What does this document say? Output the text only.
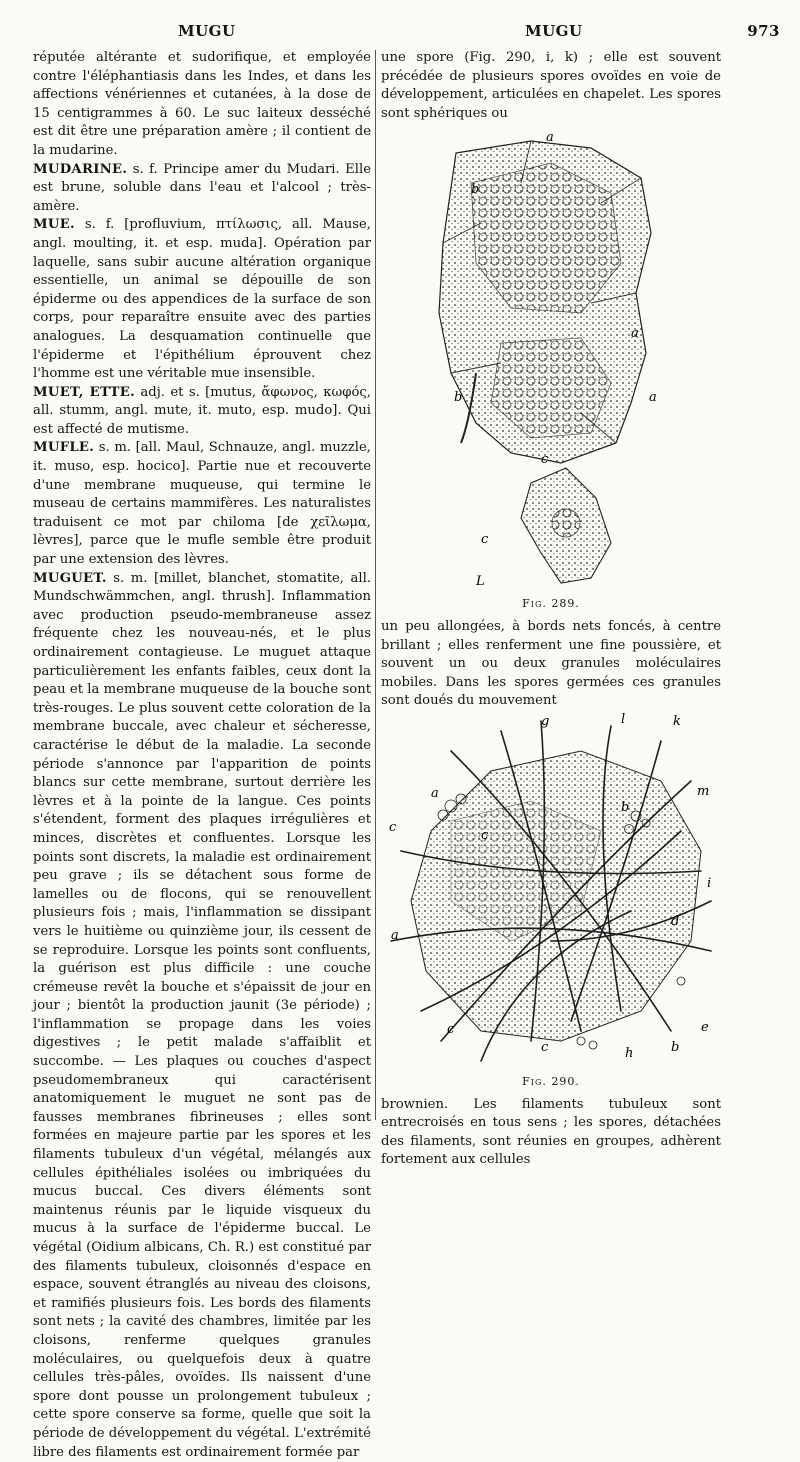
MUGU	MUGU	973

réputée altérante et sudorifique, et employée contre l'éléphantiasis dans les Indes, et dans les affections vénériennes et cutanées, à la dose de 15 centigrammes à 60. Le suc laiteux desséché est dit être une préparation amère ; il contient de la mudarine.

MUDARINE. s. f. Principe amer du Mudari. Elle est brune, soluble dans l'eau et l'alcool ; très-amère.

MUE. s. f. [profluvium, πτίλωσις, all. Mause, angl. moulting, it. et esp. muda]. Opération par laquelle, sans subir aucune altération organique essentielle, un animal se dépouille de son épiderme ou des appendices de la surface de son corps, pour reparaître ensuite avec des parties analogues. La desquamation continuelle que l'épiderme et l'épithélium éprouvent chez l'homme est une véritable mue insensible.

MUET, ETTE. adj. et s. [mutus, ἄφωνος, κωφός, all. stumm, angl. mute, it. muto, esp. mudo]. Qui est affecté de mutisme.

MUFLE. s. m. [all. Maul, Schnauze, angl. muzzle, it. muso, esp. hocico]. Partie nue et recouverte d'une membrane muqueuse, qui termine le museau de certains mammifères. Les naturalistes traduisent ce mot par chiloma [de χεῖλωμα, lèvres], parce que le mufle semble être produit par une extension des lèvres.

MUGUET. s. m. [millet, blanchet, stomatite, all. Mundschwämmchen, angl. thrush]. Inflammation avec production pseudo-membraneuse assez fréquente chez les nouveau-nés, et le plus ordinairement contagieuse. Le muguet attaque particulièrement les enfants faibles, ceux dont la peau et la membrane muqueuse de la bouche sont très-rouges. Le plus souvent cette coloration de la membrane buccale, avec chaleur et sécheresse, caractérise le début de la maladie. La seconde période s'annonce par l'apparition de points blancs sur cette membrane, surtout derrière les lèvres et à la pointe de la langue. Ces points s'étendent, forment des plaques irrégulières et minces, discrètes et confluentes. Lorsque les points sont discrets, la maladie est ordinairement peu grave ; ils se détachent sous forme de lamelles ou de flocons, qui se renouvellent plusieurs fois ; mais, l'inflammation se dissipant vers le huitième ou quinzième jour, ils cessent de se reproduire. Lorsque les points sont confluents, la guérison est plus difficile : une couche crémeuse revêt la bouche et s'épaissit de jour en jour ; bientôt la production jaunit (3e période) ; l'inflammation se propage dans les voies digestives ; le petit malade s'affaiblit et succombe. — Les plaques ou couches d'aspect pseudomembraneux qui caractérisent anatomiquement le muguet ne sont pas de fausses membranes fibrineuses ; elles sont formées en majeure partie par les spores et les filaments tubuleux d'un végétal, mélangés aux cellules épithéliales isolées ou imbriquées du mucus buccal. Ces divers éléments sont maintenus réunis par le liquide visqueux du mucus à la surface de l'épiderme buccal. Le végétal (Oidium albicans, Ch. R.) est constitué par des filaments tubuleux, cloisonnés d'espace en espace, souvent étranglés au niveau des cloisons, et ramifiés plusieurs fois. Les bords des filaments sont nets ; la cavité des chambres, limitée par les cloisons, renferme quelques granules moléculaires, ou quelquefois deux à quatre cellules très-pâles, ovoïdes. Ils naissent d'une spore dont pousse un prolongement tubuleux ; cette spore conserve sa forme, quelle que soit la période de développement du végétal. L'extrémité libre des filaments est ordinairement formée par

une spore (Fig. 290, i, k) ; elle est souvent précédée de plusieurs spores ovoïdes en voie de développement, articulées en chapelet. Les spores sont sphériques ou

b
a
a
b	a
c
c
L
Fig. 289.

un peu allongées, à bords nets foncés, à centre brillant ; elles renferment une fine poussière, et souvent un ou deux granules moléculaires mobiles. Dans les spores germées ces granules sont doués du mouvement

g	l	k
a	m
c
c
b
i
d
a
c
c	h	b
e
Fig. 290.

brownien. Les filaments tubuleux sont entrecroisés en tous sens ; les spores, détachées des filaments, sont réunies en groupes, adhèrent fortement aux cellules
